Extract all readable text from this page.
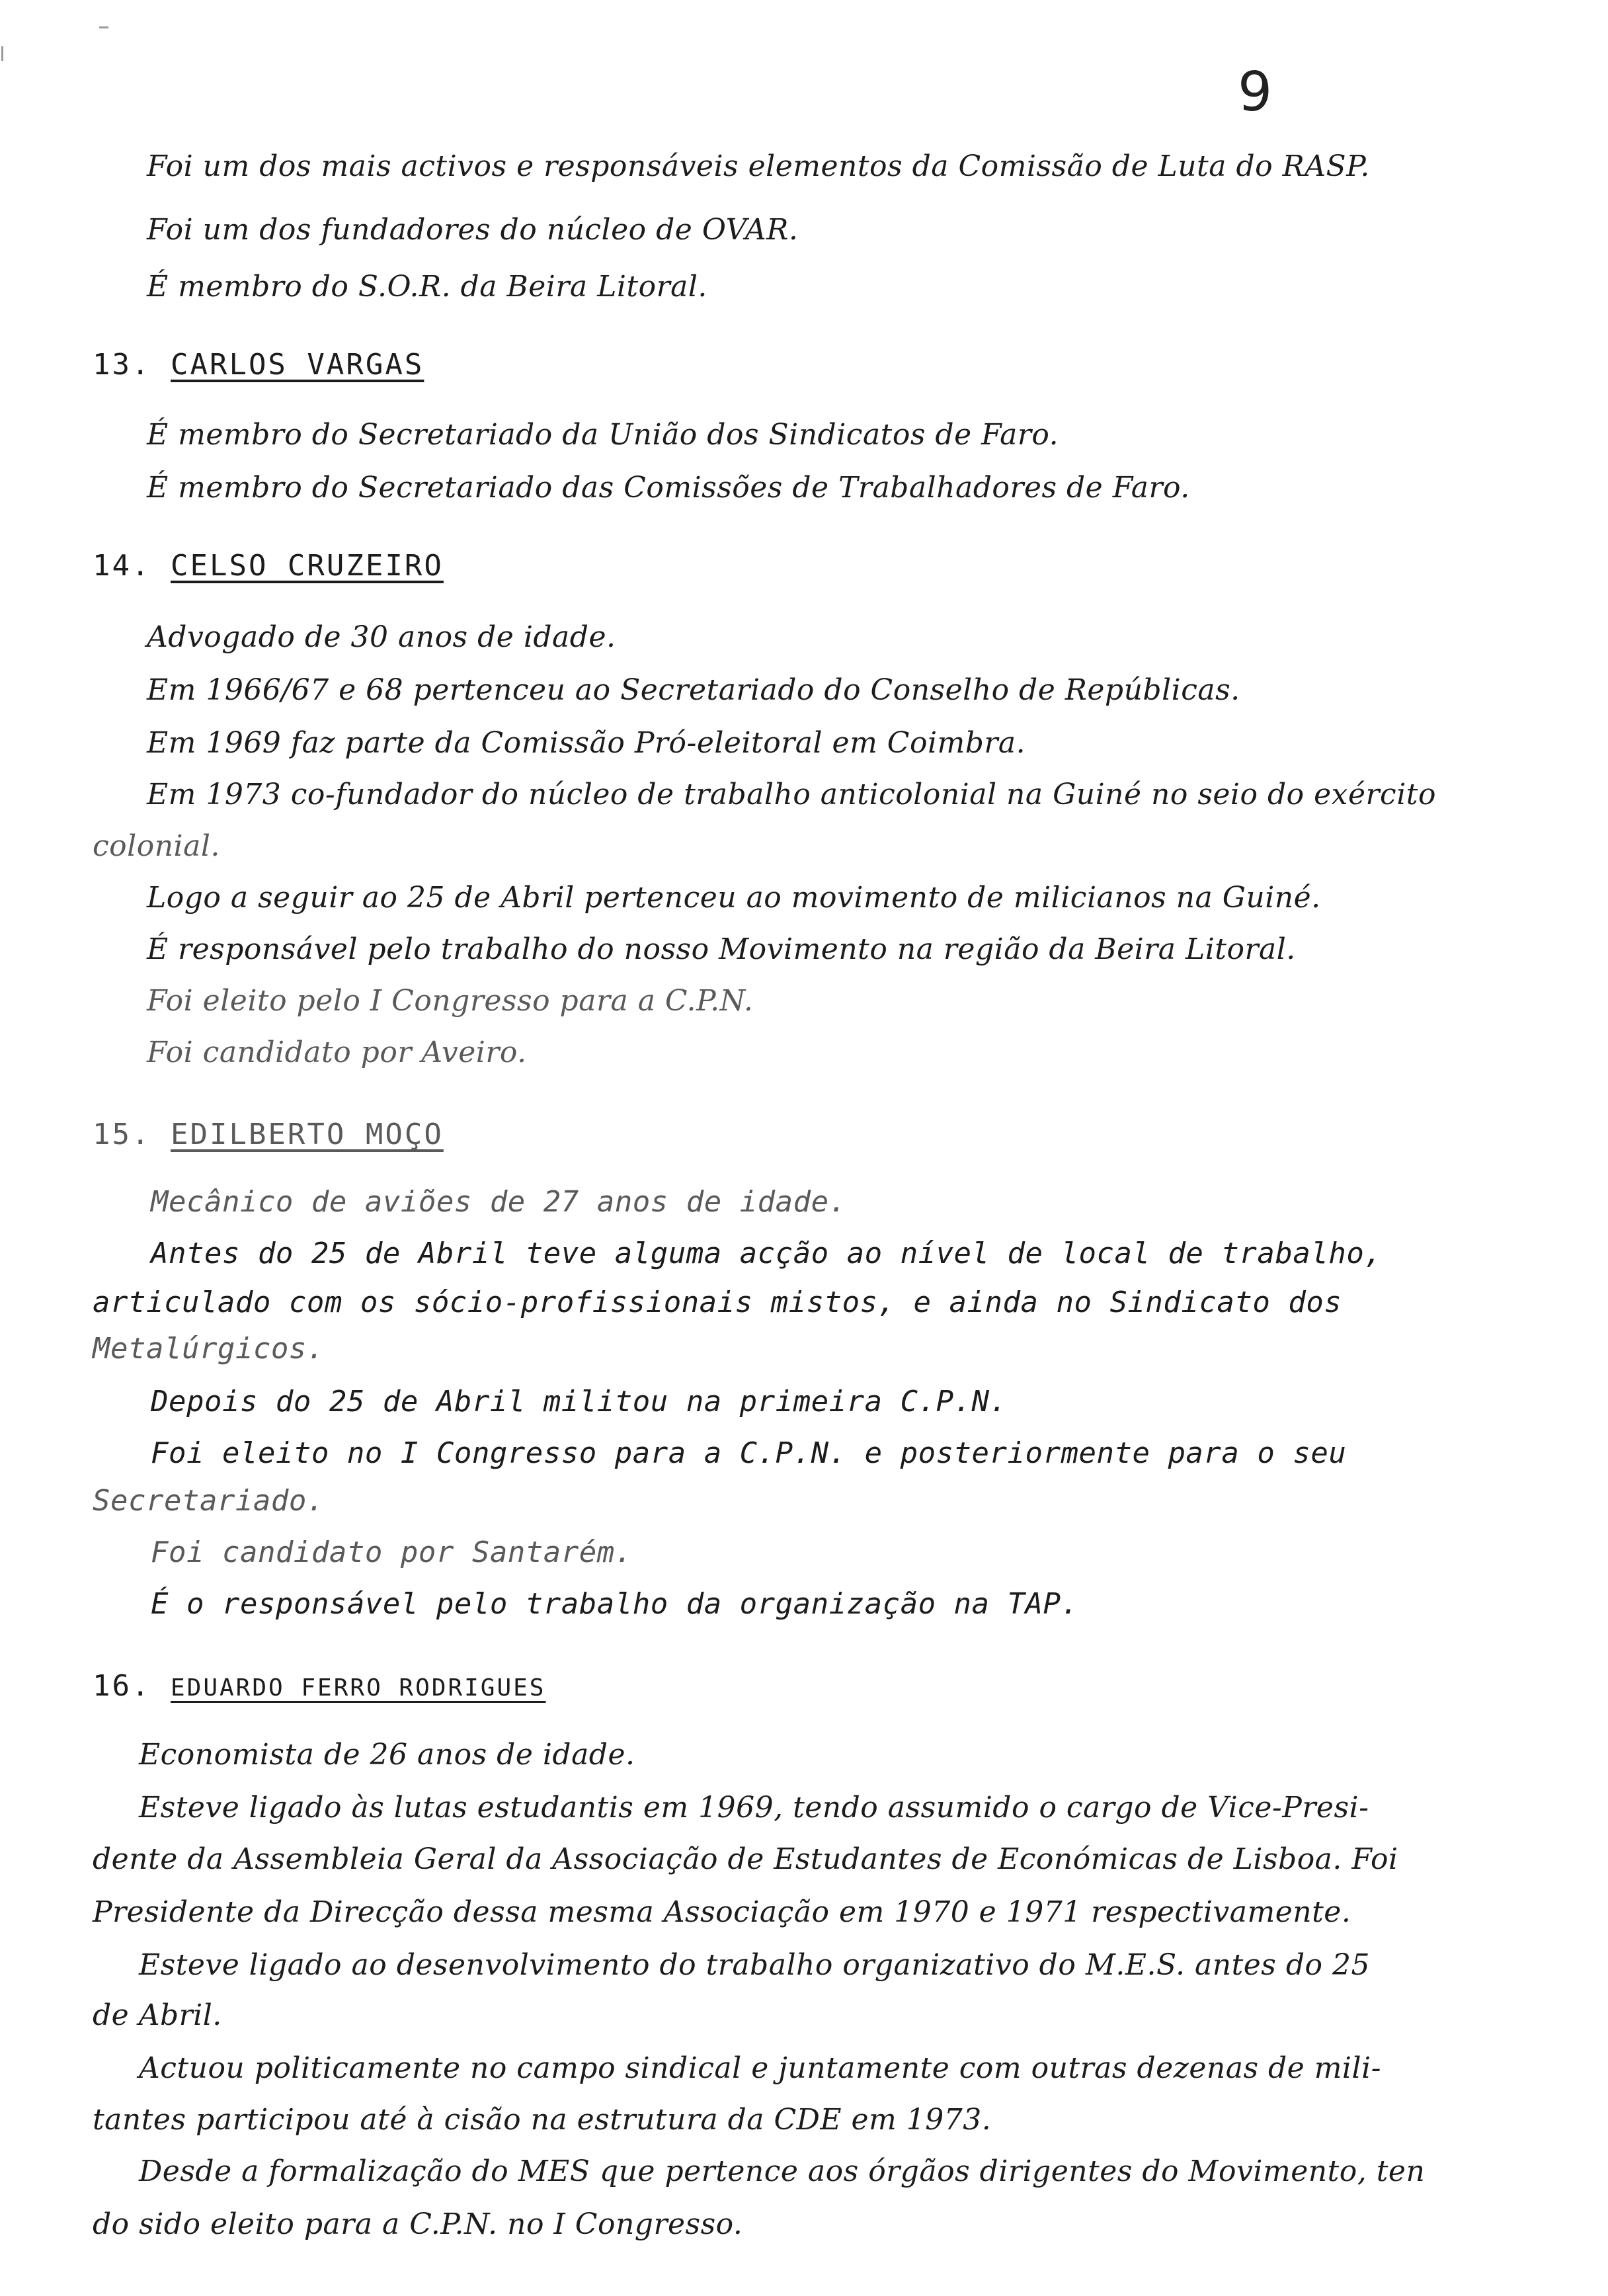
9
Foi um dos mais activos e responsáveis elementos da Comissão de Luta do RASP.
Foi um dos fundadores do núcleo de OVAR.
É membro do S.O.R. da Beira Litoral.
13. CARLOS VARGAS
É membro do Secretariado da União dos Sindicatos de Faro.
É membro do Secretariado das Comissões de Trabalhadores de Faro.
14. CELSO CRUZEIRO
Advogado de 30 anos de idade.
Em 1966/67 e 68 pertenceu ao Secretariado do Conselho de Repúblicas.
Em 1969 faz parte da Comissão Pró-eleitoral em Coimbra.
Em 1973 co-fundador do núcleo de trabalho anticolonial na Guiné no seio do exército
colonial.
Logo a seguir ao 25 de Abril pertenceu ao movimento de milicianos na Guiné.
É responsável pelo trabalho do nosso Movimento na região da Beira Litoral.
Foi eleito pelo I Congresso para a C.P.N.
Foi candidato por Aveiro.
15. EDILBERTO MOÇO
Mecânico de aviões de 27 anos de idade.
Antes do 25 de Abril teve alguma acção ao nível de local de trabalho,
articulado com os sócio-profissionais mistos, e ainda no Sindicato dos
Metalúrgicos.
Depois do 25 de Abril militou na primeira C.P.N.
Foi eleito no I Congresso para a C.P.N. e posteriormente para o seu
Secretariado.
Foi candidato por Santarém.
É o responsável pelo trabalho da organização na TAP.
16. EDUARDO FERRO RODRIGUES
Economista de 26 anos de idade.
Esteve ligado às lutas estudantis em 1969, tendo assumido o cargo de Vice-Presi-
dente da Assembleia Geral da Associação de Estudantes de Económicas de Lisboa. Foi
Presidente da Direcção dessa mesma Associação em 1970 e 1971 respectivamente.
Esteve ligado ao desenvolvimento do trabalho organizativo do M.E.S. antes do 25
de Abril.
Actuou politicamente no campo sindical e juntamente com outras dezenas de mili-
tantes participou até à cisão na estrutura da CDE em 1973.
Desde a formalização do MES que pertence aos órgãos dirigentes do Movimento, ten
do sido eleito para a C.P.N. no I Congresso.
